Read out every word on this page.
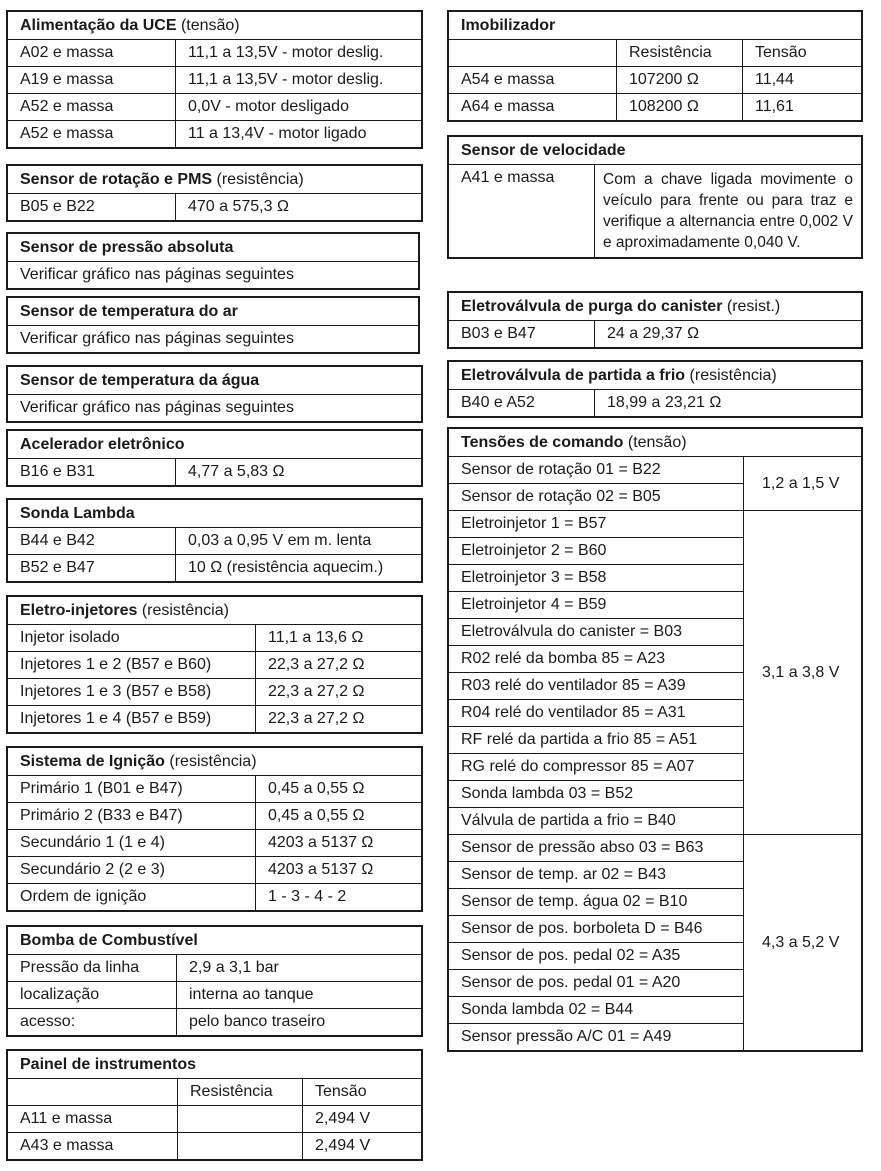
Alimentação da UCE (tensão)	
A02 e massa	11,1 a 13,5V - motor deslig.
A19 e massa	11,1 a 13,5V - motor deslig.
A52 e massa	0,0V - motor desligado
A52 e massa	11 a 13,4V - motor ligado
Sensor de rotação e PMS (resistência)
B05 e B22	470 a 575,3 Ω
Sensor de pressão absoluta
Verificar gráfico nas páginas seguintes
Sensor de temperatura do ar
Verificar gráfico nas páginas seguintes
Sensor de temperatura da água
Verificar gráfico nas páginas seguintes
Acelerador eletrônico
B16 e B31	4,77 a 5,83 Ω
Sonda Lambda	
B44 e B42	0,03 a 0,95 V em m. lenta
B52 e B47	10 Ω (resistência aquecim.)
Eletro-injetores (resistência)	
Injetor isolado	11,1 a 13,6 Ω
Injetores 1 e 2 (B57 e B60)	22,3 a 27,2 Ω
Injetores 1 e 3 (B57 e B58)	22,3 a 27,2 Ω
Injetores 1 e 4 (B57 e B59)	22,3 a 27,2 Ω
Sistema de Ignição (resistência)	
Primário 1 (B01 e B47)	0,45 a 0,55 Ω
Primário 2 (B33 e B47)	0,45 a 0,55 Ω
Secundário 1 (1 e 4)	4203 a 5137 Ω
Secundário 2 (2 e 3)	4203 a 5137 Ω
Ordem de ignição	1 - 3 - 4 - 2
Bomba de Combustível	
Pressão da linha	2,9 a 3,1 bar
localização	interna ao tanque
acesso:	pelo banco traseiro
Painel de instrumentos		
	Resistência	Tensão
A11 e massa		2,494 V
A43 e massa		2,494 V
Imobilizador		
	Resistência	Tensão
A54 e massa	107200 Ω	11,44
A64 e massa	108200 Ω	11,61
Sensor de velocidade
A41 e massa	Com a chave ligada movimente o veículo para frente ou para traz e verifique a alternancia entre 0,002 V e aproximadamente 0,040 V.
Eletroválvula de purga do canister (resist.)
B03 e B47	24 a 29,37 Ω
Eletroválvula de partida a frio (resistência)
B40 e A52	18,99 a 23,21 Ω
Tensões de comando (tensão)	
Sensor de rotação 01 = B22	1,2 a 1,5 V
Sensor de rotação 02 = B05	
Eletroinjetor 1 = B57	3,1 a 3,8 V
Eletroinjetor 2 = B60	
Eletroinjetor 3 = B58	
Eletroinjetor 4 = B59	
Eletroválvula do canister = B03	
R02 relé da bomba 85 = A23	
R03 relé do ventilador 85 = A39	
R04 relé do ventilador 85 = A31	
RF relé da partida a frio 85 = A51	
RG relé do compressor 85 = A07	
Sonda lambda 03 = B52	
Válvula de partida a frio = B40	
Sensor de pressão abso 03 = B63	4,3 a 5,2 V
Sensor de temp. ar 02 = B43	
Sensor de temp. água 02 = B10	
Sensor de pos. borboleta D = B46	
Sensor de pos. pedal 02 = A35	
Sensor de pos. pedal 01 = A20	
Sonda lambda 02 = B44	
Sensor pressão A/C 01 = A49	
